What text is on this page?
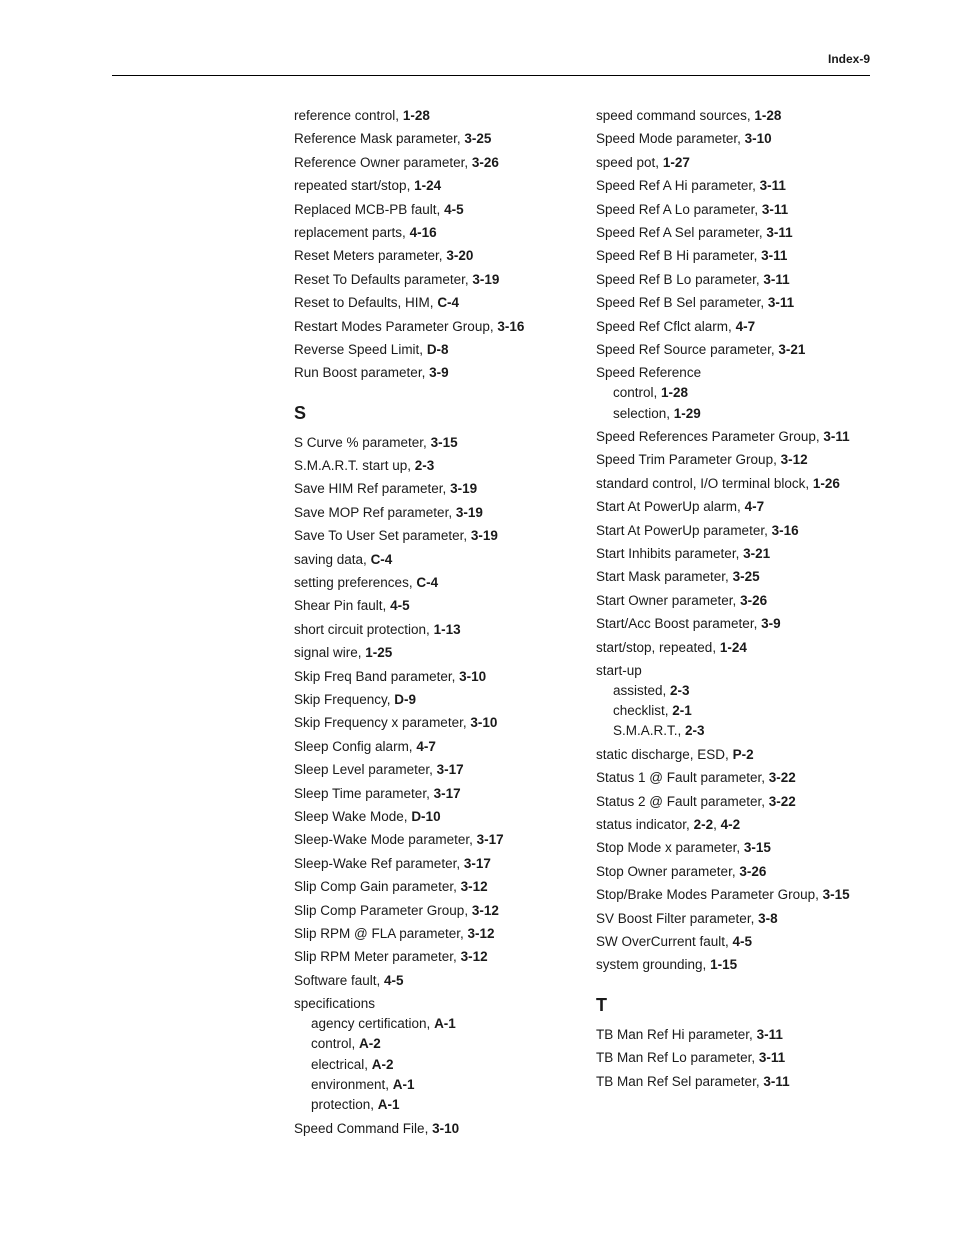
Index-9
reference control, 1-28
Reference Mask parameter, 3-25
Reference Owner parameter, 3-26
repeated start/stop, 1-24
Replaced MCB-PB fault, 4-5
replacement parts, 4-16
Reset Meters parameter, 3-20
Reset To Defaults parameter, 3-19
Reset to Defaults, HIM, C-4
Restart Modes Parameter Group, 3-16
Reverse Speed Limit, D-8
Run Boost parameter, 3-9
S
S Curve % parameter, 3-15
S.M.A.R.T. start up, 2-3
Save HIM Ref parameter, 3-19
Save MOP Ref parameter, 3-19
Save To User Set parameter, 3-19
saving data, C-4
setting preferences, C-4
Shear Pin fault, 4-5
short circuit protection, 1-13
signal wire, 1-25
Skip Freq Band parameter, 3-10
Skip Frequency, D-9
Skip Frequency x parameter, 3-10
Sleep Config alarm, 4-7
Sleep Level parameter, 3-17
Sleep Time parameter, 3-17
Sleep Wake Mode, D-10
Sleep-Wake Mode parameter, 3-17
Sleep-Wake Ref parameter, 3-17
Slip Comp Gain parameter, 3-12
Slip Comp Parameter Group, 3-12
Slip RPM @ FLA parameter, 3-12
Slip RPM Meter parameter, 3-12
Software fault, 4-5
specifications
agency certification, A-1
control, A-2
electrical, A-2
environment, A-1
protection, A-1
Speed Command File, 3-10
speed command sources, 1-28
Speed Mode parameter, 3-10
speed pot, 1-27
Speed Ref A Hi parameter, 3-11
Speed Ref A Lo parameter, 3-11
Speed Ref A Sel parameter, 3-11
Speed Ref B Hi parameter, 3-11
Speed Ref B Lo parameter, 3-11
Speed Ref B Sel parameter, 3-11
Speed Ref Cflct alarm, 4-7
Speed Ref Source parameter, 3-21
Speed Reference
control, 1-28
selection, 1-29
Speed References Parameter Group, 3-11
Speed Trim Parameter Group, 3-12
standard control, I/O terminal block, 1-26
Start At PowerUp alarm, 4-7
Start At PowerUp parameter, 3-16
Start Inhibits parameter, 3-21
Start Mask parameter, 3-25
Start Owner parameter, 3-26
Start/Acc Boost parameter, 3-9
start/stop, repeated, 1-24
start-up
assisted, 2-3
checklist, 2-1
S.M.A.R.T., 2-3
static discharge, ESD, P-2
Status 1 @ Fault parameter, 3-22
Status 2 @ Fault parameter, 3-22
status indicator, 2-2, 4-2
Stop Mode x parameter, 3-15
Stop Owner parameter, 3-26
Stop/Brake Modes Parameter Group, 3-15
SV Boost Filter parameter, 3-8
SW OverCurrent fault, 4-5
system grounding, 1-15
T
TB Man Ref Hi parameter, 3-11
TB Man Ref Lo parameter, 3-11
TB Man Ref Sel parameter, 3-11
